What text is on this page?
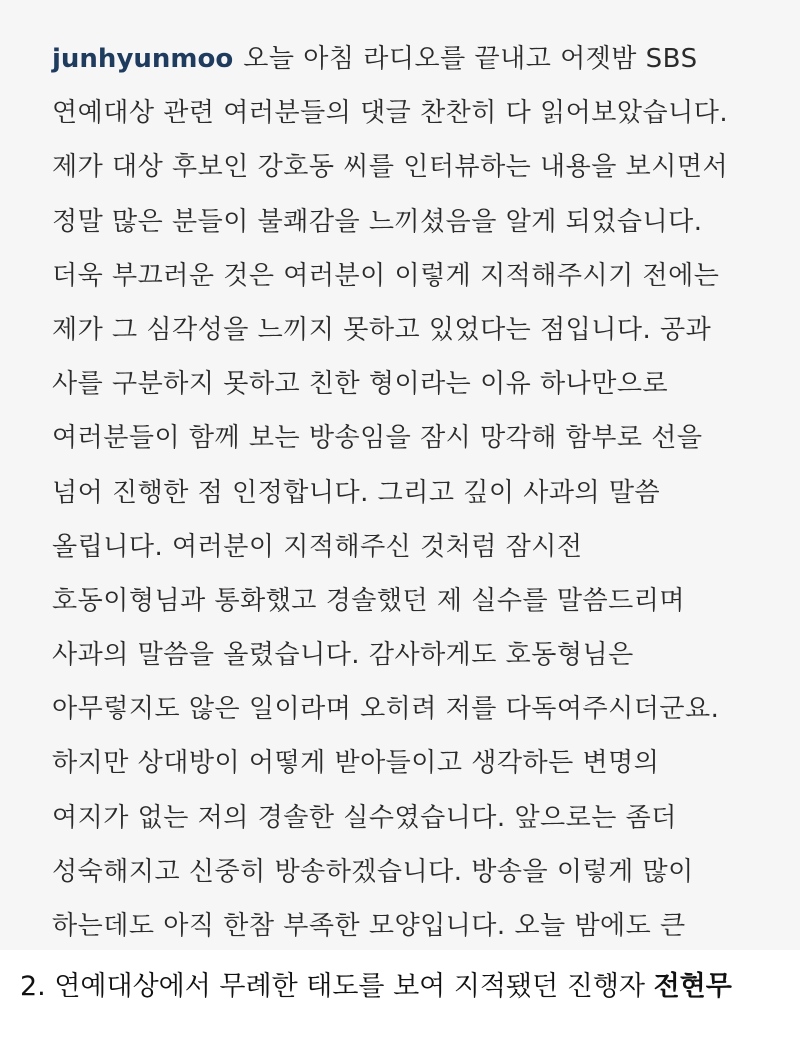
junhyunmoo 오늘 아침 라디오를 끝내고 어젯밤 SBS
연예대상 관련 여러분들의 댓글 찬찬히 다 읽어보았습니다.
제가 대상 후보인 강호동 씨를 인터뷰하는 내용을 보시면서
정말 많은 분들이 불쾌감을 느끼셨음을 알게 되었습니다.
더욱 부끄러운 것은 여러분이 이렇게 지적해주시기 전에는
제가 그 심각성을 느끼지 못하고 있었다는 점입니다. 공과
사를 구분하지 못하고 친한 형이라는 이유 하나만으로
여러분들이 함께 보는 방송임을 잠시 망각해 함부로 선을
넘어 진행한 점 인정합니다. 그리고 깊이 사과의 말씀
올립니다. 여러분이 지적해주신 것처럼 잠시전
호동이형님과 통화했고 경솔했던 제 실수를 말씀드리며
사과의 말씀을 올렸습니다. 감사하게도 호동형님은
아무렇지도 않은 일이라며 오히려 저를 다독여주시더군요.
하지만 상대방이 어떻게 받아들이고 생각하든 변명의
여지가 없는 저의 경솔한 실수였습니다. 앞으로는 좀더
성숙해지고 신중히 방송하겠습니다. 방송을 이렇게 많이
하는데도 아직 한참 부족한 모양입니다. 오늘 밤에도 큰
2. 연예대상에서 무례한 태도를 보여 지적됐던 진행자 전현무
